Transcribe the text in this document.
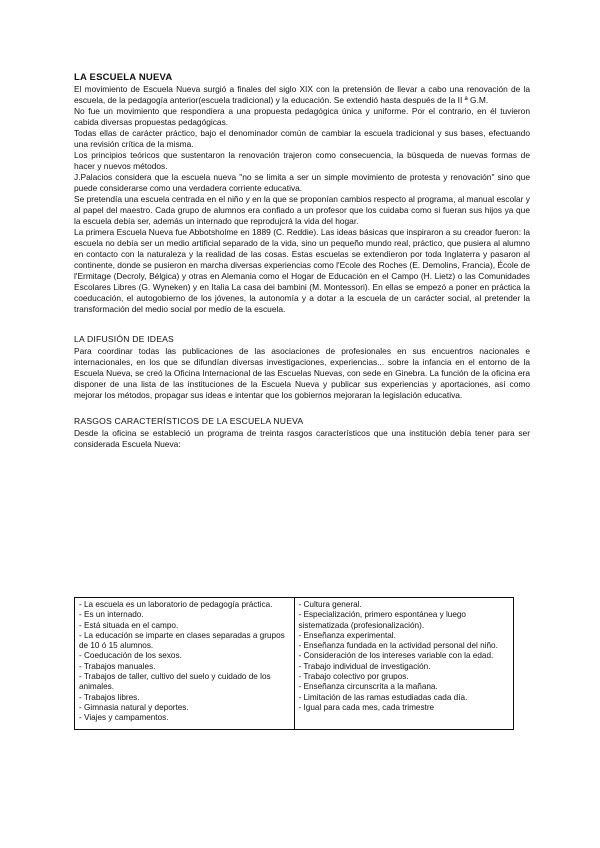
LA ESCUELA NUEVA

El movimiento de Escuela Nueva surgió a finales del siglo XIX con la pretensión de llevar a cabo una renovación de la escuela, de la pedagogía anterior(escuela tradicional) y la educación. Se extendió hasta después de la II ª G.M.

No fue un movimiento que respondiera a una propuesta pedagógica única y uniforme. Por el contrario, en él tuvieron cabida diversas propuestas pedagógicas.

Todas ellas de carácter práctico, bajo el denominador común de cambiar la escuela tradicional y sus bases, efectuando una revisión crítica de la misma.

Los principios teóricos que sustentaron la renovación trajeron como consecuencia, la búsqueda de nuevas formas de hacer y nuevos métodos.

J.Palacios considera que la escuela nueva "no se limita a ser un simple movimiento de protesta y renovación" sino que puede considerarse como una verdadera corriente educativa.

Se pretendía una escuela centrada en el niño y en la que se proponían cambios respecto al programa, al manual escolar y al papel del maestro. Cada grupo de alumnos era confiado a un profesor que los cuidaba como si fueran sus hijos ya que la escuela debía ser, además un internado que reprodujcrá la vida del hogar.

La primera Escuela Nueva fue Abbotsholme en 1889 (C. Reddie). Las ideas básicas que inspiraron a su creador fueron: la escuela no debía ser un medio artificial separado de la vida, sino un pequeño mundo real, práctico, que pusiera al alumno en contacto con la naturaleza y la realidad de las cosas. Estas escuelas se extendieron por toda Inglaterra y pasaron al continente, donde se pusieron en marcha diversas experiencias como l'Ecole des Roches (E. Demolins, Francia), École de l'Ermitage (Decroly, Bélgica) y otras en Alemania como el Hogar de Educación en el Campo (H. Lietz) o las Comunidades Escolares Libres (G. Wyneken) y en Italia La casa dei bambini (M. Montessori). En ellas se empezó a poner en práctica la coeducación, el autogobierno de los jóvenes, la autonomía y a dotar a la escuela de un carácter social, al pretender la transformación del medio social por medio de la escuela.

LA DIFUSIÓN DE IDEAS

Para coordinar todas las publicaciones de las asociaciones de profesionales en sus encuentros nacionales e internacionales, en los que se difundían diversas investigaciones, experiencias... sobre la infancia en el entorno de la Escuela Nueva, se creó la Oficina Internacional de las Escuelas Nuevas, con sede en Ginebra. La función de la oficina era disponer de una lista de las instituciones de la Escuela Nueva y publicar sus experiencias y aportaciones, así como mejorar los métodos, propagar sus ideas e intentar que los gobiernos mejoraran la legislación educativa.

RASGOS CARACTERÍSTICOS DE LA ESCUELA NUEVA

Desde la oficina se estableció un programa de treinta rasgos característicos que una institución debía tener para ser considerada Escuela Nueva:

- La escuela es un laboratorio de pedagogía práctica.
- Es un internado.
- Está situada en el campo.
- La educación se imparte en clases separadas a grupos de 10 ó 15 alumnos.
- Coeducación de los sexos.
- Trabajos manuales.
- Trabajos de taller, cultivo del suelo y cuidado de los animales.
- Trabajos libres.
- Gimnasia natural y deportes.
- Viajes y campamentos.

- Cultura general.
- Especialización, primero espontánea y luego sistematizada (profesionalización).
- Enseñanza experimental.
- Enseñanza fundada en la actividad personal del niño.
- Consideración de los intereses variable con la edad.
- Trabajo individual de investigación.
- Trabajo colectivo por grupos.
- Enseñanza circunscrita a la mañana.
- Limitación de las ramas estudiadas cada día.
- Igual para cada mes, cada trimestre
